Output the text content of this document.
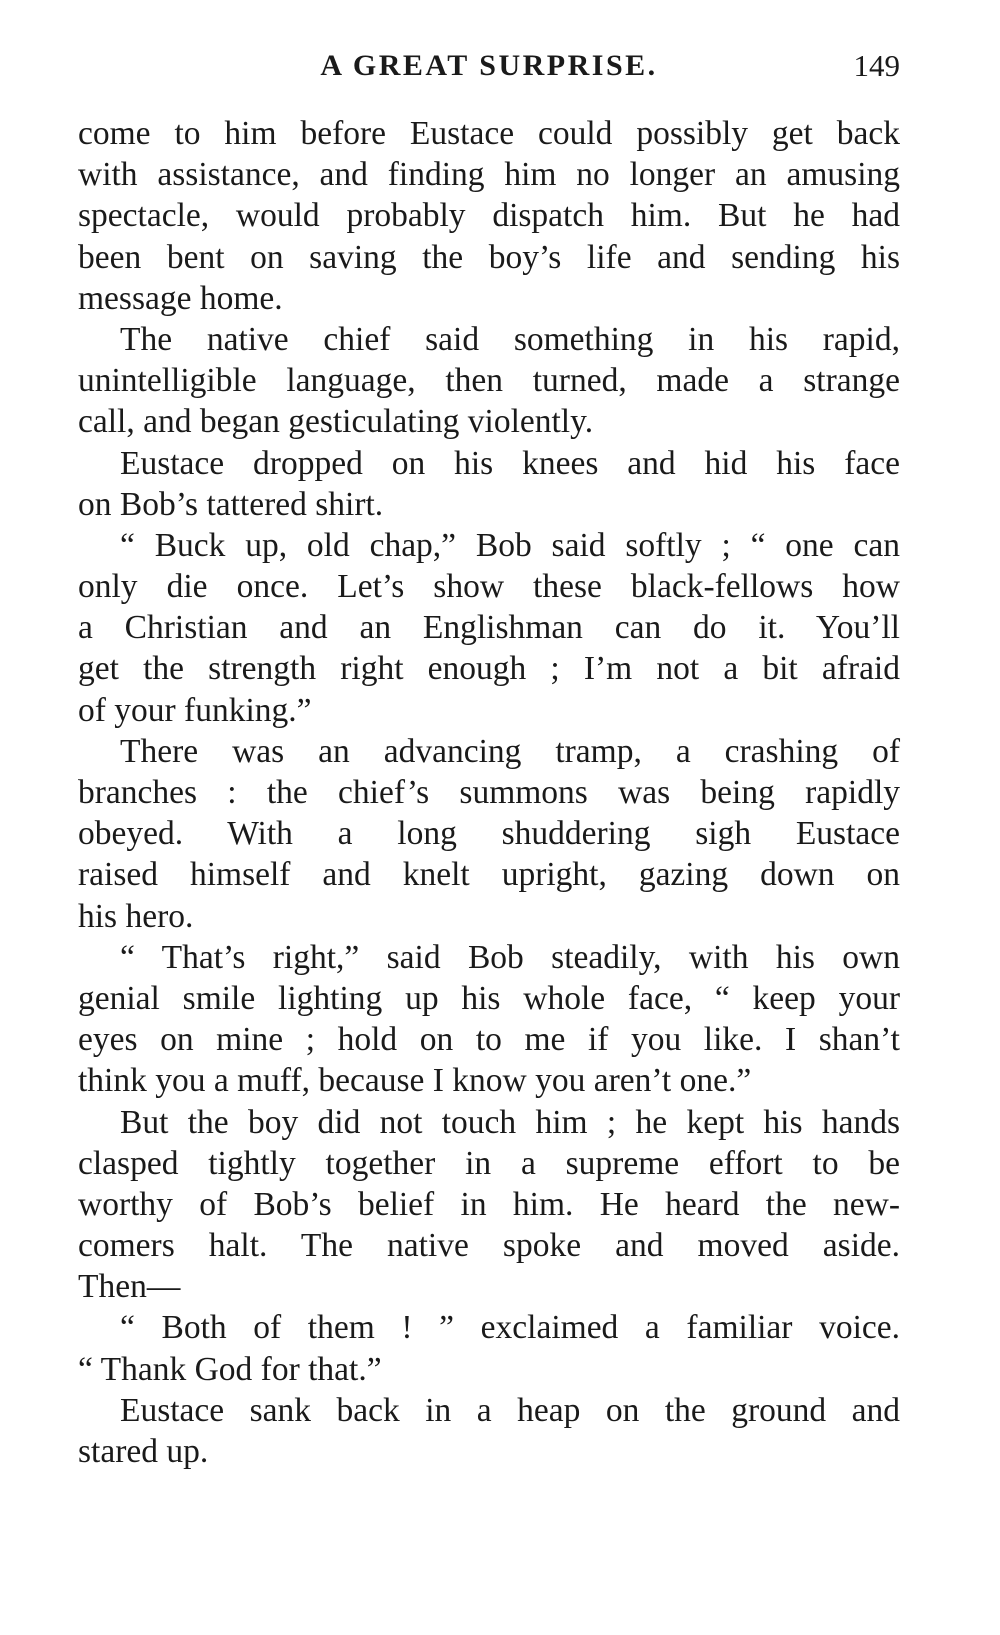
A GREAT SURPRISE.	149
come to him before Eustace could possibly get back
with assistance, and finding him no longer an amusing
spectacle, would probably dispatch him. But he had
been bent on saving the boy’s life and sending his
message home.
The native chief said something in his rapid,
unintelligible language, then turned, made a strange
call, and began gesticulating violently.
Eustace dropped on his knees and hid his face
on Bob’s tattered shirt.
“ Buck up, old chap,” Bob said softly ; “ one can
only die once. Let’s show these black-fellows how
a Christian and an Englishman can do it. You’ll
get the strength right enough ; I’m not a bit afraid
of your funking.”
There was an advancing tramp, a crashing of
branches : the chief’s summons was being rapidly
obeyed. With a long shuddering sigh Eustace
raised himself and knelt upright, gazing down on
his hero.
“ That’s right,” said Bob steadily, with his own
genial smile lighting up his whole face, “ keep your
eyes on mine ; hold on to me if you like. I shan’t
think you a muff, because I know you aren’t one.”
But the boy did not touch him ; he kept his hands
clasped tightly together in a supreme effort to be
worthy of Bob’s belief in him. He heard the new-
comers halt. The native spoke and moved aside.
Then—
“ Both of them ! ” exclaimed a familiar voice.
“ Thank God for that.”
Eustace sank back in a heap on the ground and
stared up.
